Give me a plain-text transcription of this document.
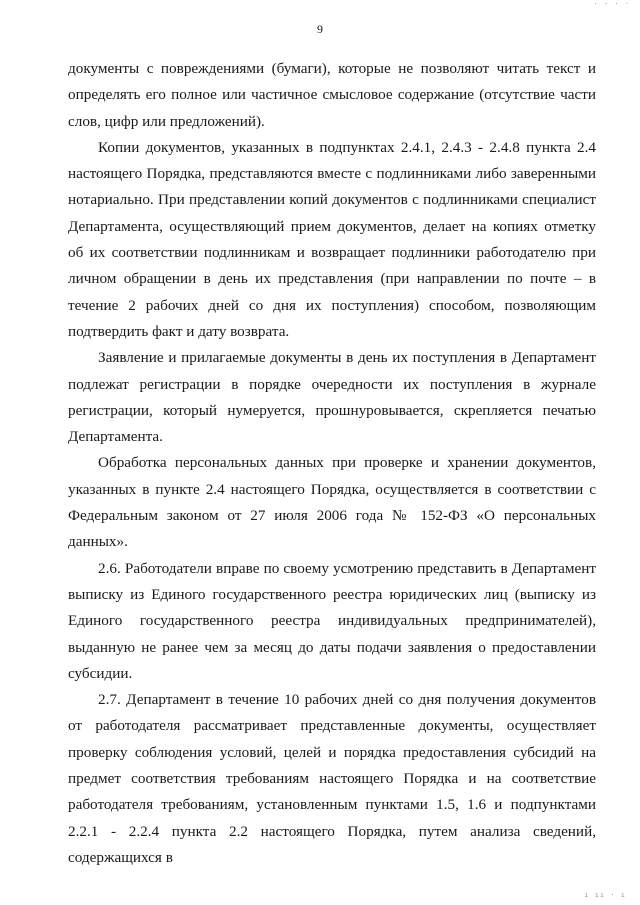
· · · ·
9

документы с повреждениями (бумаги), которые не позволяют читать текст и определять его полное или частичное смысловое содержание (отсутствие части слов, цифр или предложений).

Копии документов, указанных в подпунктах 2.4.1, 2.4.3 - 2.4.8 пункта 2.4 настоящего Порядка, представляются вместе с подлинниками либо заверенными нотариально. При представлении копий документов с подлинниками специалист Департамента, осуществляющий прием документов, делает на копиях отметку об их соответствии подлинникам и возвращает подлинники работодателю при личном обращении в день их представления (при направлении по почте – в течение 2 рабочих дней со дня их поступления) способом, позволяющим подтвердить факт и дату возврата.

Заявление и прилагаемые документы в день их поступления в Департамент подлежат регистрации в порядке очередности их поступления в журнале регистрации, который нумеруется, прошнуровывается, скрепляется печатью Департамента.

Обработка персональных данных при проверке и хранении документов, указанных в пункте 2.4 настоящего Порядка, осуществляется в соответствии с Федеральным законом от 27 июля 2006 года № 152-ФЗ «О персональных данных».

2.6. Работодатели вправе по своему усмотрению представить в Департамент выписку из Единого государственного реестра юридических лиц (выписку из Единого государственного реестра индивидуальных предпринимателей), выданную не ранее чем за месяц до даты подачи заявления о предоставлении субсидии.

2.7. Департамент в течение 10 рабочих дней со дня получения документов от работодателя рассматривает представленные документы, осуществляет проверку соблюдения условий, целей и порядка предоставления субсидий на предмет соответствия требованиям настоящего Порядка и на соответствие работодателя требованиям, установленным пунктами 1.5, 1.6 и подпунктами 2.2.1 - 2.2.4 пункта 2.2 настоящего Порядка, путем анализа сведений, содержащихся в

ı ıı · ı
